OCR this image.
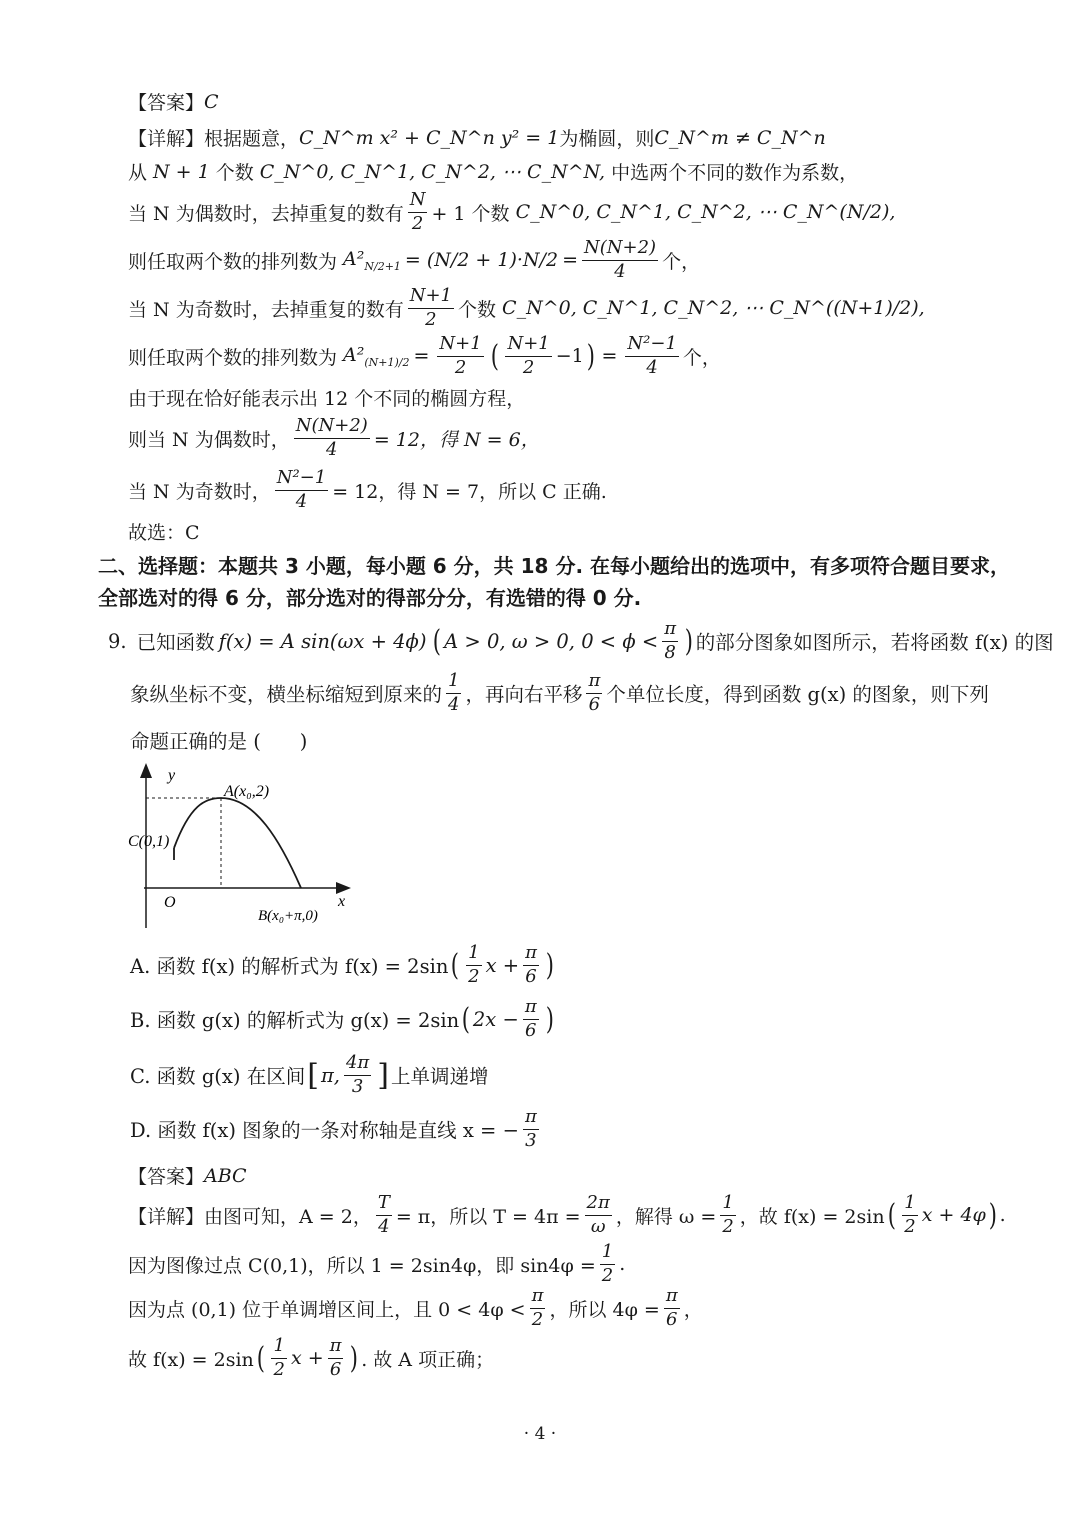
【答案】 C
【详解】 根据题意， C_N^m x² + C_N^n y² = 1 为椭圆，则 C_N^m ≠ C_N^n
从 N + 1 个数 C_N^0, C_N^1, C_N^2, ⋯ C_N^N, 中选两个不同的数作为系数，
当 N 为偶数时，去掉重复的数有 $\frac{N}{2} + 1$ 个数 C_N^0, C_N^1, C_N^2, ⋯ C_N^(N/2),
则任取两个数的排列数为 $A^2_{N/2+1} = (N/2 + 1)\cdot N/2 = \frac{N(N+2)}{4}$ 个，
当 N 为奇数时，去掉重复的数有 $\frac{N+1}{2}$ 个数 C_N^0, C_N^1, C_N^2, ⋯ C_N^((N+1)/2),
则任取两个数的排列数为 $A^2_{(N+1)/2} = \frac{N+1}{2}$ ( $\frac{N+1}{2} -1$ ) = $\frac{\text{N²−1}}{4}$ 个，
由于现在恰好能表示出 12 个不同的椭圆方程，
则当 N 为偶数时， $\frac{N(N+2)}{4} = 12$，得 N = 6，
当 N 为奇数时， $\frac{\text{N²−1}}{4} = 12$，得 N = 7，所以 C 正确.
故选：C
二、选择题：本题共 3 小题，每小题 6 分，共 18 分. 在每小题给出的选项中，有多项符合题目要求，
全部选对的得 6 分，部分选对的得部分分，有选错的得 0 分.
9. 已知函数 f(x) = A sin(ωx + 4ϕ) ( A > 0, ω > 0, $0 < \phi < \frac{\pi}{8}$ ) 的部分图象如图所示，若将函数 f(x) 的图
象纵坐标不变，横坐标缩短到原来的 $\frac{1}{4}$ ，再向右平移 $\frac{\pi}{6}$ 个单位长度，得到函数 g(x) 的图象，则下列
命题正确的是 (　　)
y
x
O
A(x₀,2)
C(0,1)
B(x₀+π,0)
A. 函数 f(x) 的解析式为 f(x) = 2sin ( $\frac{1}{2}$ $x + \frac{\pi}{6}$ )
B. 函数 g(x) 的解析式为 g(x) = 2sin ( $2x - \frac{\pi}{6}$ )
C. 函数 g(x) 在区间 [ π, $\frac{4\pi}{3}$ ] 上单调递增
D. 函数 f(x) 图象的一条对称轴是直线 x = − $\frac{\pi}{3}$
【答案】 ABC
【详解】 由图可知，A = 2， $\frac{T}{4} = \pi$，所以 $T = 4\pi = \frac{2\pi}{\omega}$ ，解得 $\omega = \frac{1}{2}$ ，故 f(x) = 2sin ( $\frac{1}{2}$ x + 4φ ) .
因为图像过点 C(0,1)，所以 1 = 2sin4φ，即 $\sin 4\varphi = \frac{1}{2}$ .
因为点 (0,1) 位于单调增区间上，且 $0 < 4\varphi < \frac{\pi}{2}$ ，所以 $4\varphi = \frac{\pi}{6}$ ，
故 f(x) = 2sin ( $\frac{1}{2}$ $x + \frac{\pi}{6}$ ) . 故 A 项正确；
· 4 ·
